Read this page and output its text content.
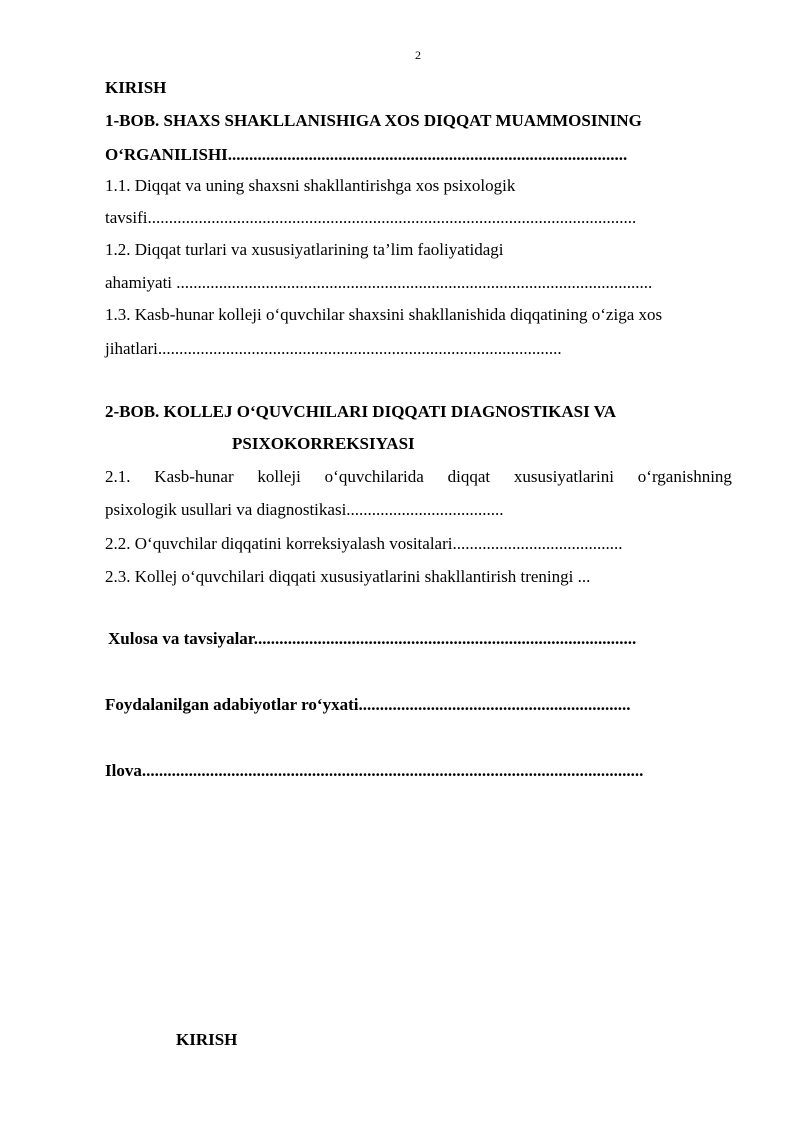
2
KIRISH
1-BOB. SHAXS SHAKLLANISHIGA XOS DIQQAT MUAMMOSINING
O‘RGANILISHI..............................................................................................
1.1. Diqqat va uning shaxsni shakllantirishga xos psixologik
tavsifi...................................................................................................................
1.2. Diqqat turlari va xususiyatlarining ta’lim faoliyatidagi
ahamiyati ................................................................................................................
1.3. Kasb-hunar kolleji o‘quvchilar shaxsini shakllanishida diqqatining o‘ziga xos
jihatlari...............................................................................................
2-BOB. KOLLEJ O‘QUVCHILARI DIQQATI DIAGNOSTIKASI VA
PSIXOKORREKSIYASI
2.1. Kasb-hunar kolleji o‘quvchilarida diqqat xususiyatlarini o‘rganishning
psixologik usullari va diagnostikasi.....................................
2.2. O‘quvchilar diqqatini korreksiyalash vositalari........................................
2.3. Kollej o‘quvchilari diqqati xususiyatlarini shakllantirish treningi ...
Xulosa va tavsiyalar..........................................................................................
Foydalanilgan adabiyotlar ro‘yxati................................................................
Ilova......................................................................................................................
KIRISH
